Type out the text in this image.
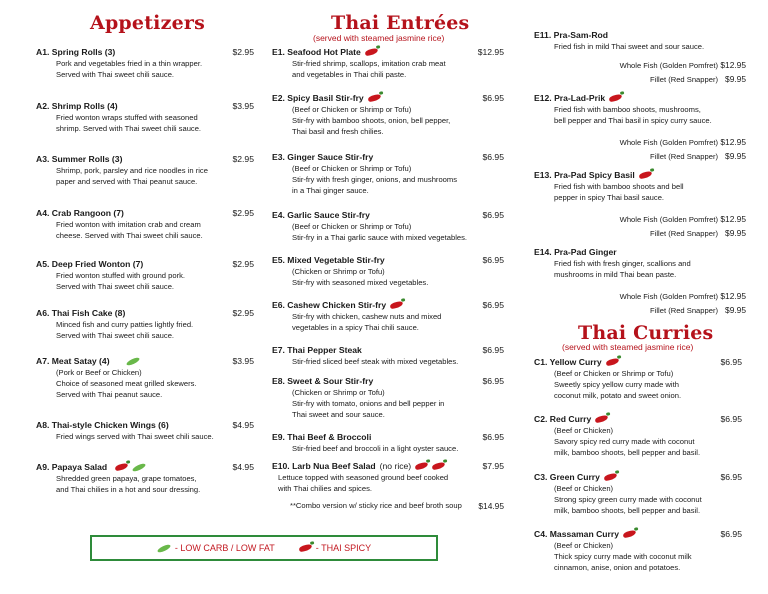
Appetizers
A1. Spring Rolls (3)	$2.95
Pork and vegetables fried in a thin wrapper.
Served with Thai sweet chili sauce.
A2. Shrimp Rolls (4)	$3.95
Fried wonton wraps stuffed with seasoned
shrimp. Served with Thai sweet chili sauce.
A3. Summer Rolls (3)	$2.95
Shrimp, pork, parsley and rice noodles in rice
paper and served with Thai peanut sauce.
A4. Crab Rangoon (7)	$2.95
Fried wonton with imitation crab and cream
cheese. Served with Thai sweet chili sauce.
A5. Deep Fried Wonton (7)	$2.95
Fried wonton stuffed with ground pork.
Served with Thai sweet chili sauce.
A6. Thai Fish Cake (8)	$2.95
Minced fish and curry patties lightly fried.
Served with Thai sweet chili sauce.
A7. Meat Satay (4)	$3.95
(Pork or Beef or Chicken)
Choice of seasoned meat grilled skewers.
Served with Thai peanut sauce.
A8. Thai-style Chicken Wings (6)	$4.95
Fried wings served with Thai sweet chili sauce.
A9. Papaya Salad	$4.95
Shredded green papaya, grape tomatoes,
and Thai chilies in a hot and sour dressing.
Thai Entrées
(served with steamed jasmine rice)
E1. Seafood Hot Plate	$12.95
Stir-fried shrimp, scallops, imitation crab meat
and vegetables in Thai chili paste.
E2. Spicy Basil Stir-fry	$6.95
(Beef or Chicken or Shrimp or Tofu)
Stir-fry with bamboo shoots, onion, bell pepper,
Thai basil and fresh chilies.
E3. Ginger Sauce Stir-fry	$6.95
(Beef or Chicken or Shrimp or Tofu)
Stir-fry with fresh ginger, onions, and mushrooms
in a Thai ginger sauce.
E4. Garlic Sauce Stir-fry	$6.95
(Beef or Chicken or Shrimp or Tofu)
Stir-fry in a Thai garlic sauce with mixed vegetables.
E5. Mixed Vegetable Stir-fry	$6.95
(Chicken or Shrimp or Tofu)
Stir-fry with seasoned mixed vegetables.
E6. Cashew Chicken Stir-fry	$6.95
Stir-fry with chicken, cashew nuts and mixed
vegetables in a spicy Thai chili sauce.
E7. Thai Pepper Steak	$6.95
Stir-fried sliced beef steak with mixed vegetables.
E8. Sweet & Sour Stir-fry	$6.95
(Chicken or Shrimp or Tofu)
Stir-fry with tomato, onions and bell pepper in
Thai sweet and sour sauce.
E9. Thai Beef & Broccoli	$6.95
Stir-fried beef and broccoli in a light oyster sauce.
E10. Larb Nua Beef Salad (no rice)	$7.95
Lettuce topped with seasoned ground beef cooked
with Thai chilies and spices.
**Combo version w/ sticky rice and beef broth soup $14.95
E11. Pra-Sam-Rod
Fried fish in mild Thai sweet and sour sauce.
Whole Fish (Golden Pomfret) $12.95
Fillet (Red Snapper) $9.95
E12. Pra-Lad-Prik
Fried fish with bamboo shoots, mushrooms,
bell pepper and Thai basil in spicy curry sauce.
Whole Fish (Golden Pomfret) $12.95
Fillet (Red Snapper) $9.95
E13. Pra-Pad Spicy Basil
Fried fish with bamboo shoots and bell
pepper in spicy Thai basil sauce.
Whole Fish (Golden Pomfret) $12.95
Fillet (Red Snapper) $9.95
E14. Pra-Pad Ginger
Fried fish with fresh ginger, scallions and
mushrooms in mild Thai bean paste.
Whole Fish (Golden Pomfret) $12.95
Fillet (Red Snapper) $9.95
Thai Curries
(served with steamed jasmine rice)
C1. Yellow Curry	$6.95
(Beef or Chicken or Shrimp or Tofu)
Sweetly spicy yellow curry made with
coconut milk, potato and sweet onion.
C2. Red Curry	$6.95
(Beef or Chicken)
Savory spicy red curry made with coconut
milk, bamboo shoots, bell pepper and basil.
C3. Green Curry	$6.95
(Beef or Chicken)
Strong spicy green curry made with coconut
milk, bamboo shoots, bell pepper and basil.
C4. Massaman Curry	$6.95
(Beef or Chicken)
Thick spicy curry made with coconut milk
cinnamon, anise, onion and potatoes.
- LOW CARB / LOW FAT	- THAI SPICY
